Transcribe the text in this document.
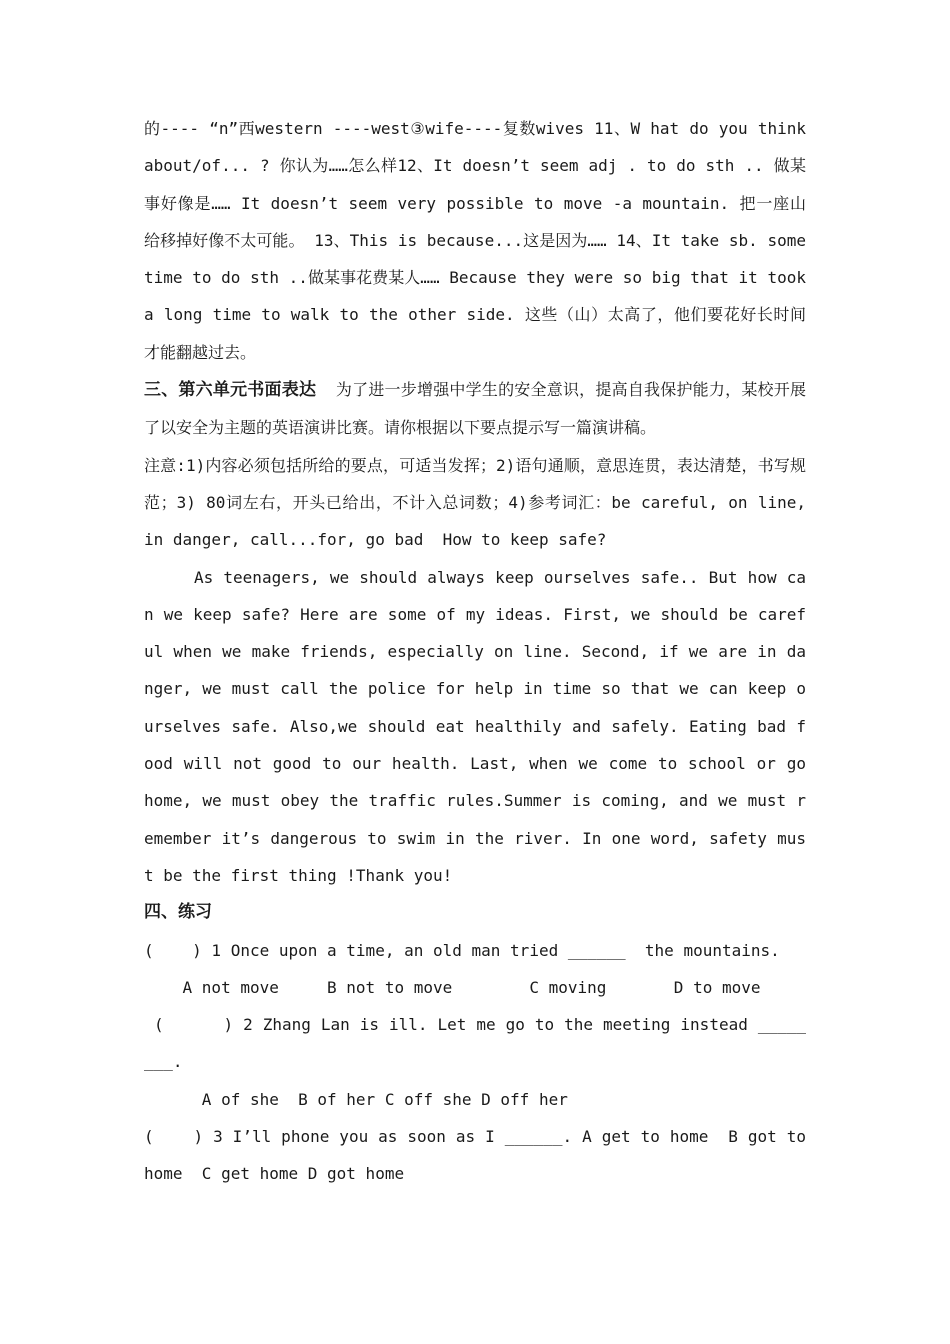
的---- “n”西western ----west③wife----复数wives 11、W hat do you think about/of... ? 你认为……怎么样12、It doesn’t seem adj . to do sth .. 做某事好像是…… It doesn’t seem very possible to move -a mountain. 把一座山给移掉好像不太可能。 13、This is because...这是因为…… 14、It take sb. some time to do sth ..做某事花费某人…… Because they were so big that it took a long time to walk to the other side. 这些（山）太高了，他们要花好长时间才能翻越过去。
三、第六单元书面表达 为了进一步增强中学生的安全意识，提高自我保护能力，某校开展了以安全为主题的英语演讲比赛。请你根据以下要点提示写一篇演讲稿。
注意:1)内容必须包括所给的要点，可适当发挥；2)语句通顺，意思连贯，表达清楚，书写规范；3) 80词左右，开头已给出，不计入总词数；4)参考词汇：be careful, on line, in danger, call...for, go bad How to keep safe?
As teenagers, we should always keep ourselves safe.. But how can we keep safe? Here are some of my ideas. First, we should be careful when we make friends, especially on line. Second, if we are in danger, we must call the police for help in time so that we can keep ourselves safe. Also,we should eat healthily and safely. Eating bad food will not good to our health. Last, when we come to school or go home, we must obey the traffic rules.Summer is coming, and we must remember it’s dangerous to swim in the river. In one word, safety must be the first thing !Thank you!
四、练习
(    ) 1 Once upon a time, an old man tried ______  the mountains.
A not move     B not to move        C moving       D to move
(      ) 2 Zhang Lan is ill. Let me go to the meeting instead ________.
A of she  B of her C off she D off her
(    ) 3 I’ll phone you as soon as I ______. A get to home  B got to home  C get home D got home
